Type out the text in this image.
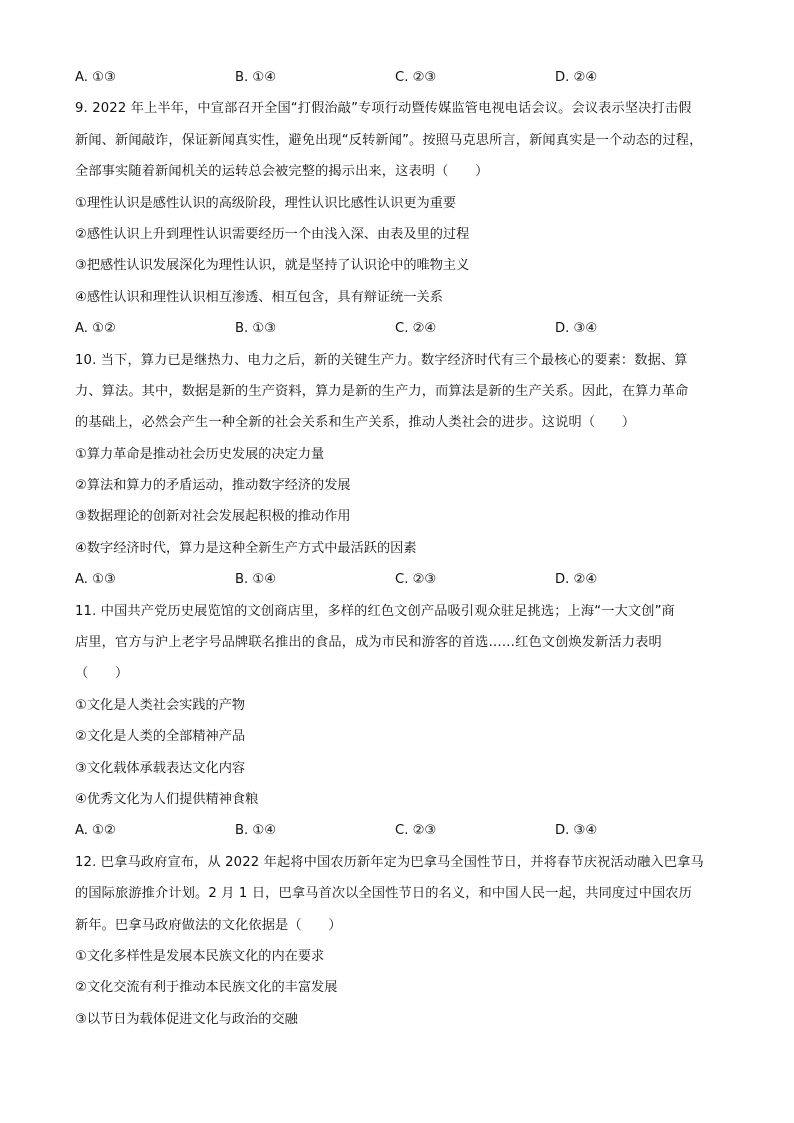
A. ①③	B. ①④	C. ②③	D. ②④
9. 2022 年上半年，中宣部召开全国“打假治敲”专项行动暨传媒监管电视电话会议。会议表示坚决打击假
新闻、新闻敲诈，保证新闻真实性，避免出现“反转新闻”。按照马克思所言，新闻真实是一个动态的过程，
全部事实随着新闻机关的运转总会被完整的揭示出来，这表明（　　）
①理性认识是感性认识的高级阶段，理性认识比感性认识更为重要
②感性认识上升到理性认识需要经历一个由浅入深、由表及里的过程
③把感性认识发展深化为理性认识，就是坚持了认识论中的唯物主义
④感性认识和理性认识相互渗透、相互包含，具有辩证统一关系
A. ①②	B. ①③	C. ②④	D. ③④
10. 当下，算力已是继热力、电力之后，新的关键生产力。数字经济时代有三个最核心的要素：数据、算
力、算法。其中，数据是新的生产资料，算力是新的生产力，而算法是新的生产关系。因此，在算力革命
的基础上，必然会产生一种全新的社会关系和生产关系，推动人类社会的进步。这说明（　　）
①算力革命是推动社会历史发展的决定力量
②算法和算力的矛盾运动，推动数字经济的发展
③数据理论的创新对社会发展起积极的推动作用
④数字经济时代，算力是这种全新生产方式中最活跃的因素
A. ①③	B. ①④	C. ②③	D. ②④
11. 中国共产党历史展览馆的文创商店里，多样的红色文创产品吸引观众驻足挑选；上海“一大文创”商
店里，官方与沪上老字号品牌联名推出的食品，成为市民和游客的首选……红色文创焕发新活力表明
（　　）
①文化是人类社会实践的产物
②文化是人类的全部精神产品
③文化载体承载表达文化内容
④优秀文化为人们提供精神食粮
A. ①②	B. ①④	C. ②③	D. ③④
12. 巴拿马政府宣布，从 2022 年起将中国农历新年定为巴拿马全国性节日，并将春节庆祝活动融入巴拿马
的国际旅游推介计划。2 月 1 日，巴拿马首次以全国性节日的名义，和中国人民一起，共同度过中国农历
新年。巴拿马政府做法的文化依据是（　　）
①文化多样性是发展本民族文化的内在要求
②文化交流有利于推动本民族文化的丰富发展
③以节日为载体促进文化与政治的交融
